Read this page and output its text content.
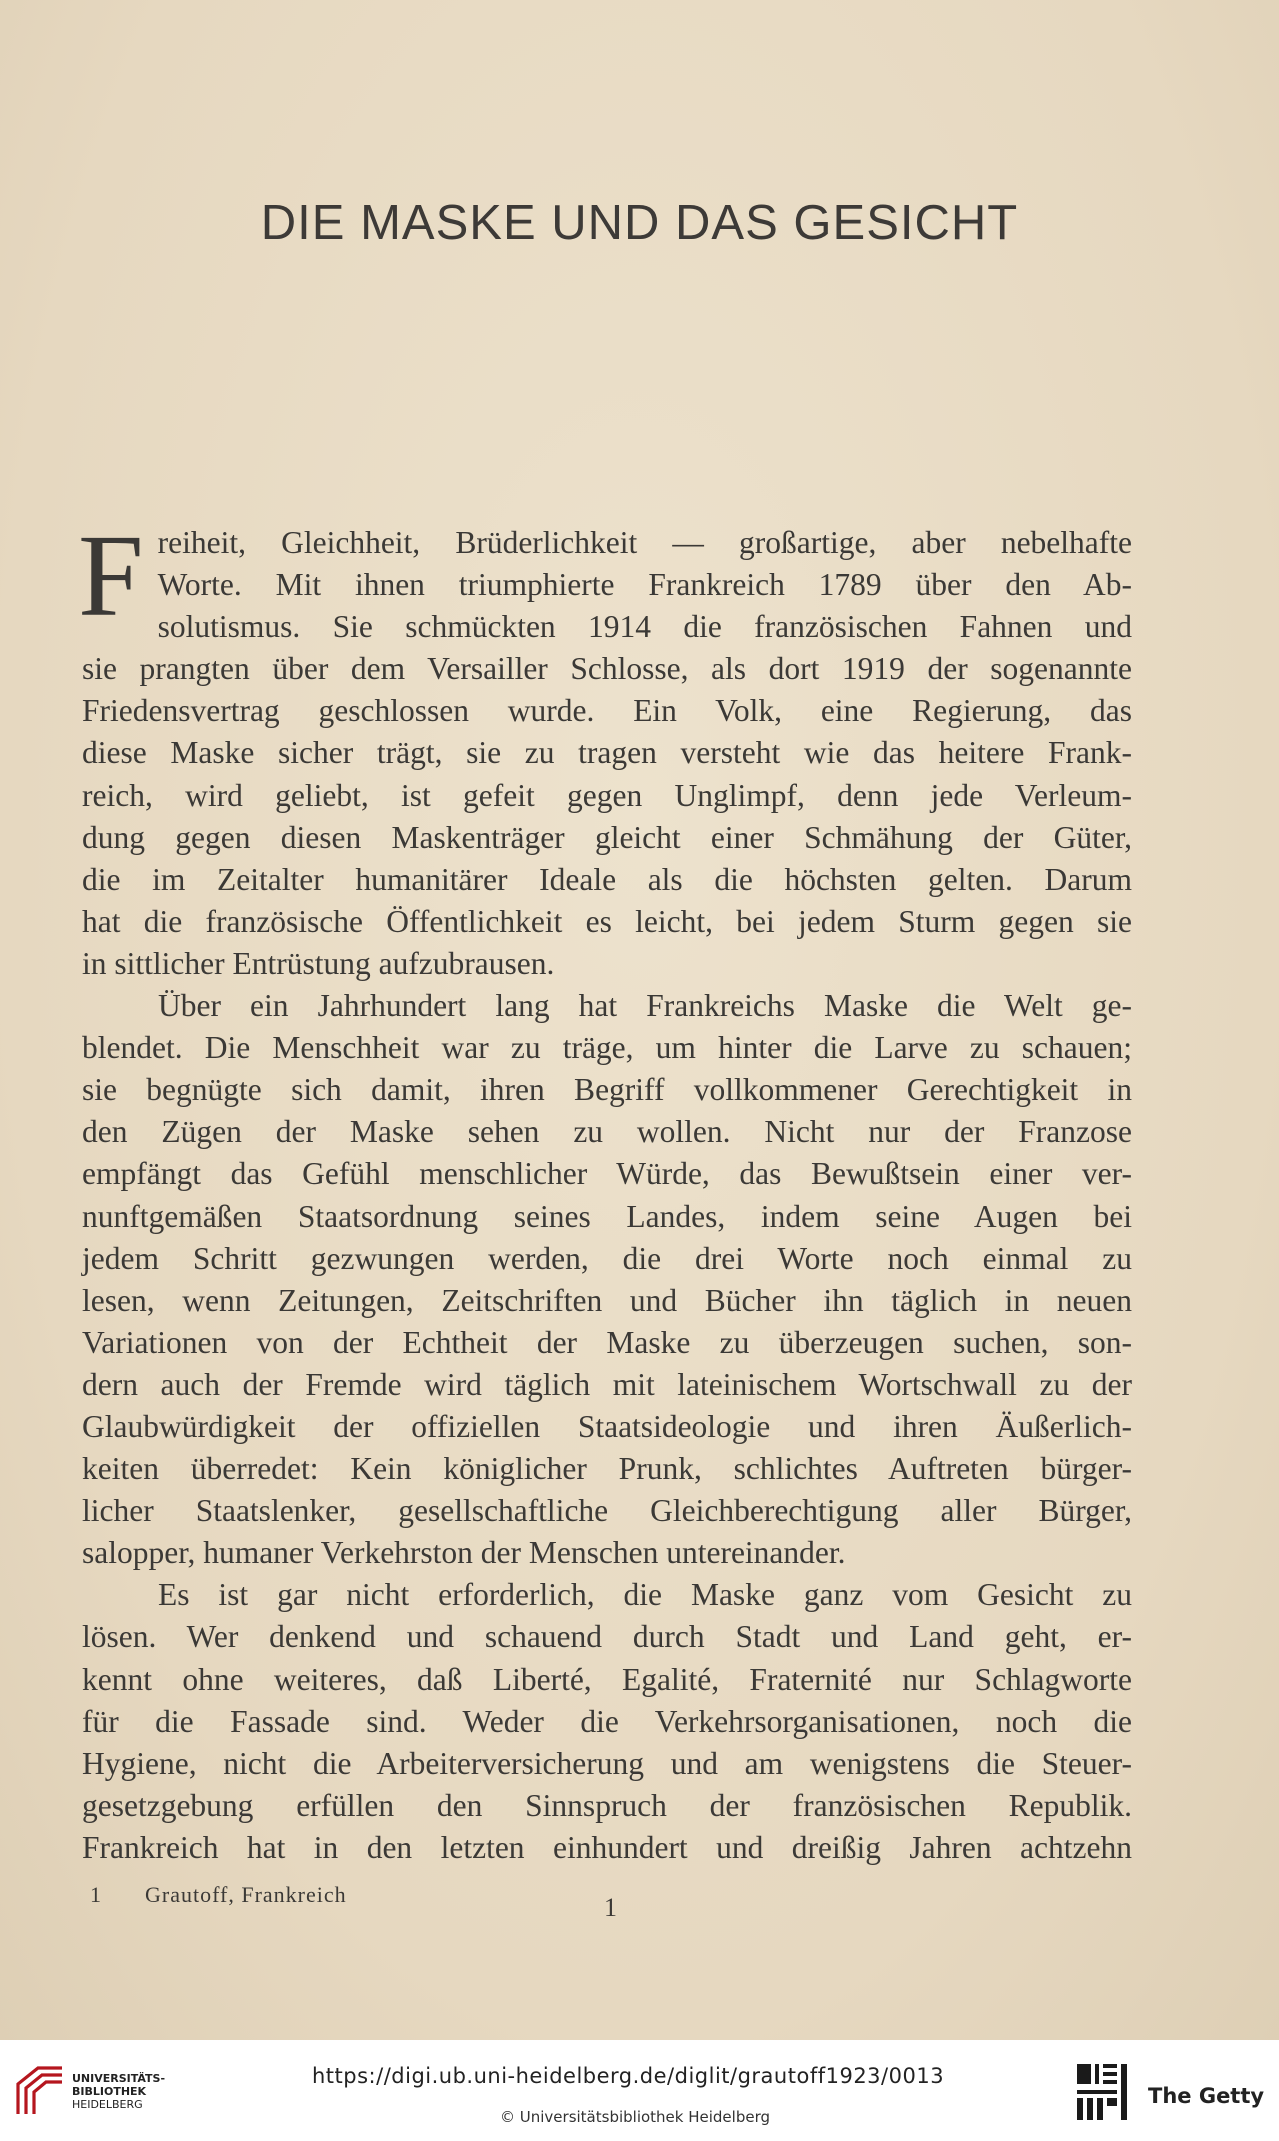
DIE MASKE UND DAS GESICHT
F reiheit, Gleichheit, Brüderlichkeit — großartige, aber nebelhafte

Worte. Mit ihnen triumphierte Frankreich 1789 über den Ab-

solutismus. Sie schmückten 1914 die französischen Fahnen und

sie prangten über dem Versailler Schlosse, als dort 1919 der sogenannte

Friedensvertrag geschlossen wurde. Ein Volk, eine Regierung, das

diese Maske sicher trägt, sie zu tragen versteht wie das heitere Frank-

reich, wird geliebt, ist gefeit gegen Unglimpf, denn jede Verleum-

dung gegen diesen Maskenträger gleicht einer Schmähung der Güter,

die im Zeitalter humanitärer Ideale als die höchsten gelten. Darum

hat die französische Öffentlichkeit es leicht, bei jedem Sturm gegen sie

in sittlicher Entrüstung aufzubrausen.

Über ein Jahrhundert lang hat Frankreichs Maske die Welt ge-

blendet. Die Menschheit war zu träge, um hinter die Larve zu schauen;

sie begnügte sich damit, ihren Begriff vollkommener Gerechtigkeit in

den Zügen der Maske sehen zu wollen. Nicht nur der Franzose

empfängt das Gefühl menschlicher Würde, das Bewußtsein einer ver-

nunftgemäßen Staatsordnung seines Landes, indem seine Augen bei

jedem Schritt gezwungen werden, die drei Worte noch einmal zu

lesen, wenn Zeitungen, Zeitschriften und Bücher ihn täglich in neuen

Variationen von der Echtheit der Maske zu überzeugen suchen, son-

dern auch der Fremde wird täglich mit lateinischem Wortschwall zu der

Glaubwürdigkeit der offiziellen Staatsideologie und ihren Äußerlich-

keiten überredet: Kein königlicher Prunk, schlichtes Auftreten bürger-

licher Staatslenker, gesellschaftliche Gleichberechtigung aller Bürger,

salopper, humaner Verkehrston der Menschen untereinander.

Es ist gar nicht erforderlich, die Maske ganz vom Gesicht zu

lösen. Wer denkend und schauend durch Stadt und Land geht, er-

kennt ohne weiteres, daß Liberté, Egalité, Fraternité nur Schlagworte

für die Fassade sind. Weder die Verkehrsorganisationen, noch die

Hygiene, nicht die Arbeiterversicherung und am wenigstens die Steuer-

gesetzgebung erfüllen den Sinnspruch der französischen Republik.

Frankreich hat in den letzten einhundert und dreißig Jahren achtzehn

1 Grautoff, Frankreich	1
UNIVERSITÄTS-
BIBLIOTHEK
HEIDELBERG
https://digi.ub.uni-heidelberg.de/diglit/grautoff1923/0013
© Universitätsbibliothek Heidelberg
The Getty
